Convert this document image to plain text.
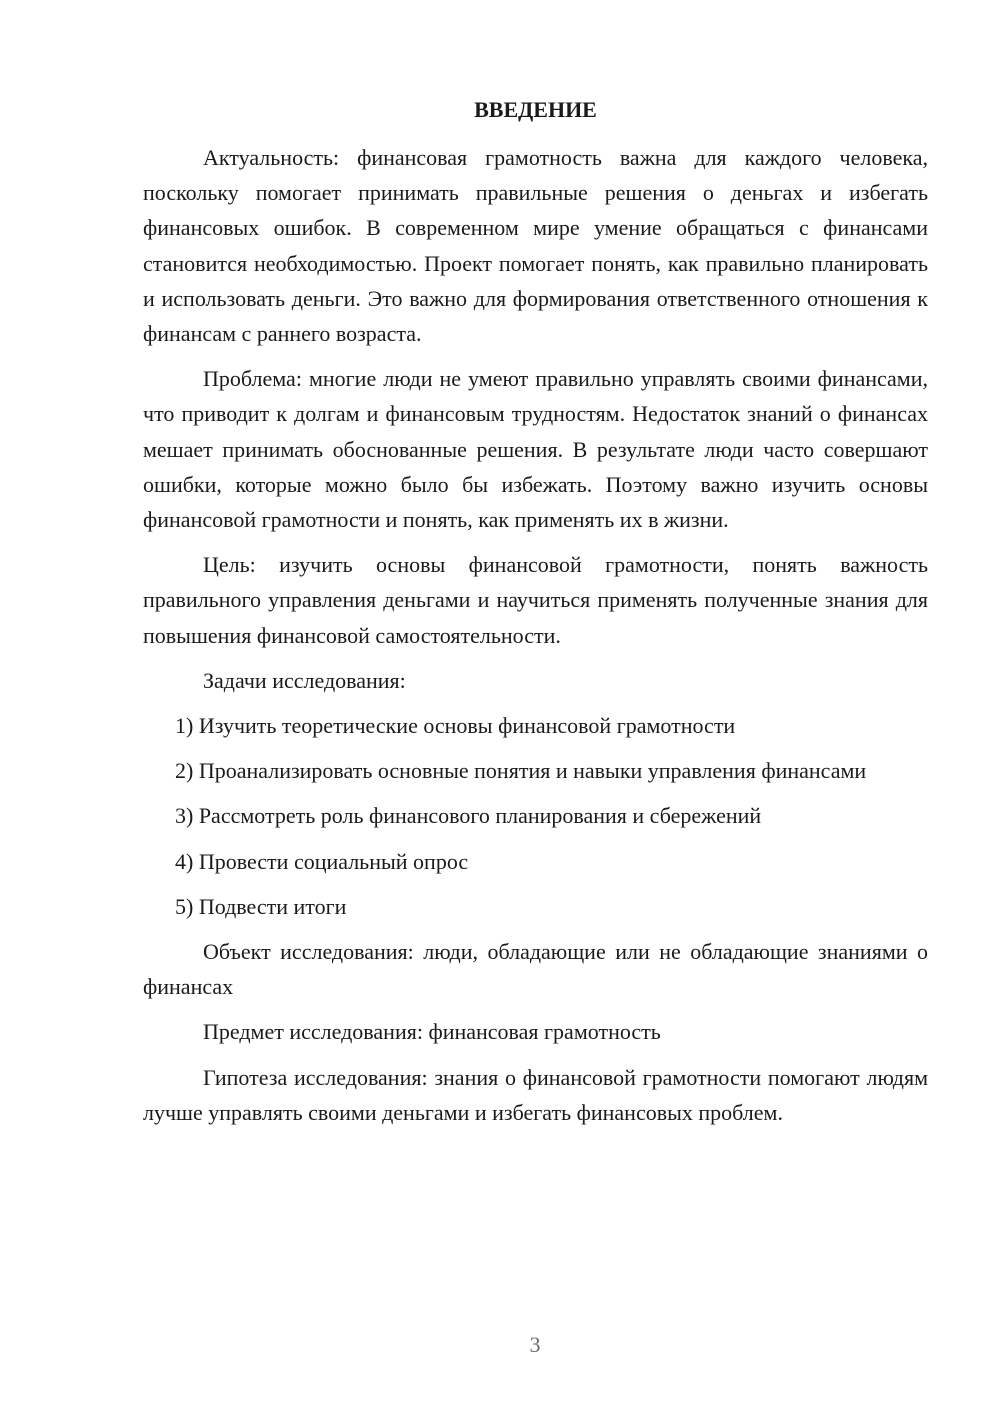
ВВЕДЕНИЕ

Актуальность: финансовая грамотность важна для каждого человека, поскольку помогает принимать правильные решения о деньгах и избегать финансовых ошибок. В современном мире умение обращаться с финансами становится необходимостью. Проект помогает понять, как правильно планировать и использовать деньги. Это важно для формирования ответственного отношения к финансам с раннего возраста.

Проблема: многие люди не умеют правильно управлять своими финансами, что приводит к долгам и финансовым трудностям. Недостаток знаний о финансах мешает принимать обоснованные решения. В результате люди часто совершают ошибки, которые можно было бы избежать. Поэтому важно изучить основы финансовой грамотности и понять, как применять их в жизни.

Цель: изучить основы финансовой грамотности, понять важность правильного управления деньгами и научиться применять полученные знания для повышения финансовой самостоятельности.

Задачи исследования:

1) Изучить теоретические основы финансовой грамотности

2) Проанализировать основные понятия и навыки управления финансами

3) Рассмотреть роль финансового планирования и сбережений

4) Провести социальный опрос

5) Подвести итоги

Объект исследования: люди, обладающие или не обладающие знаниями о финансах

Предмет исследования: финансовая грамотность

Гипотеза исследования: знания о финансовой грамотности помогают людям лучше управлять своими деньгами и избегать финансовых проблем.

3
